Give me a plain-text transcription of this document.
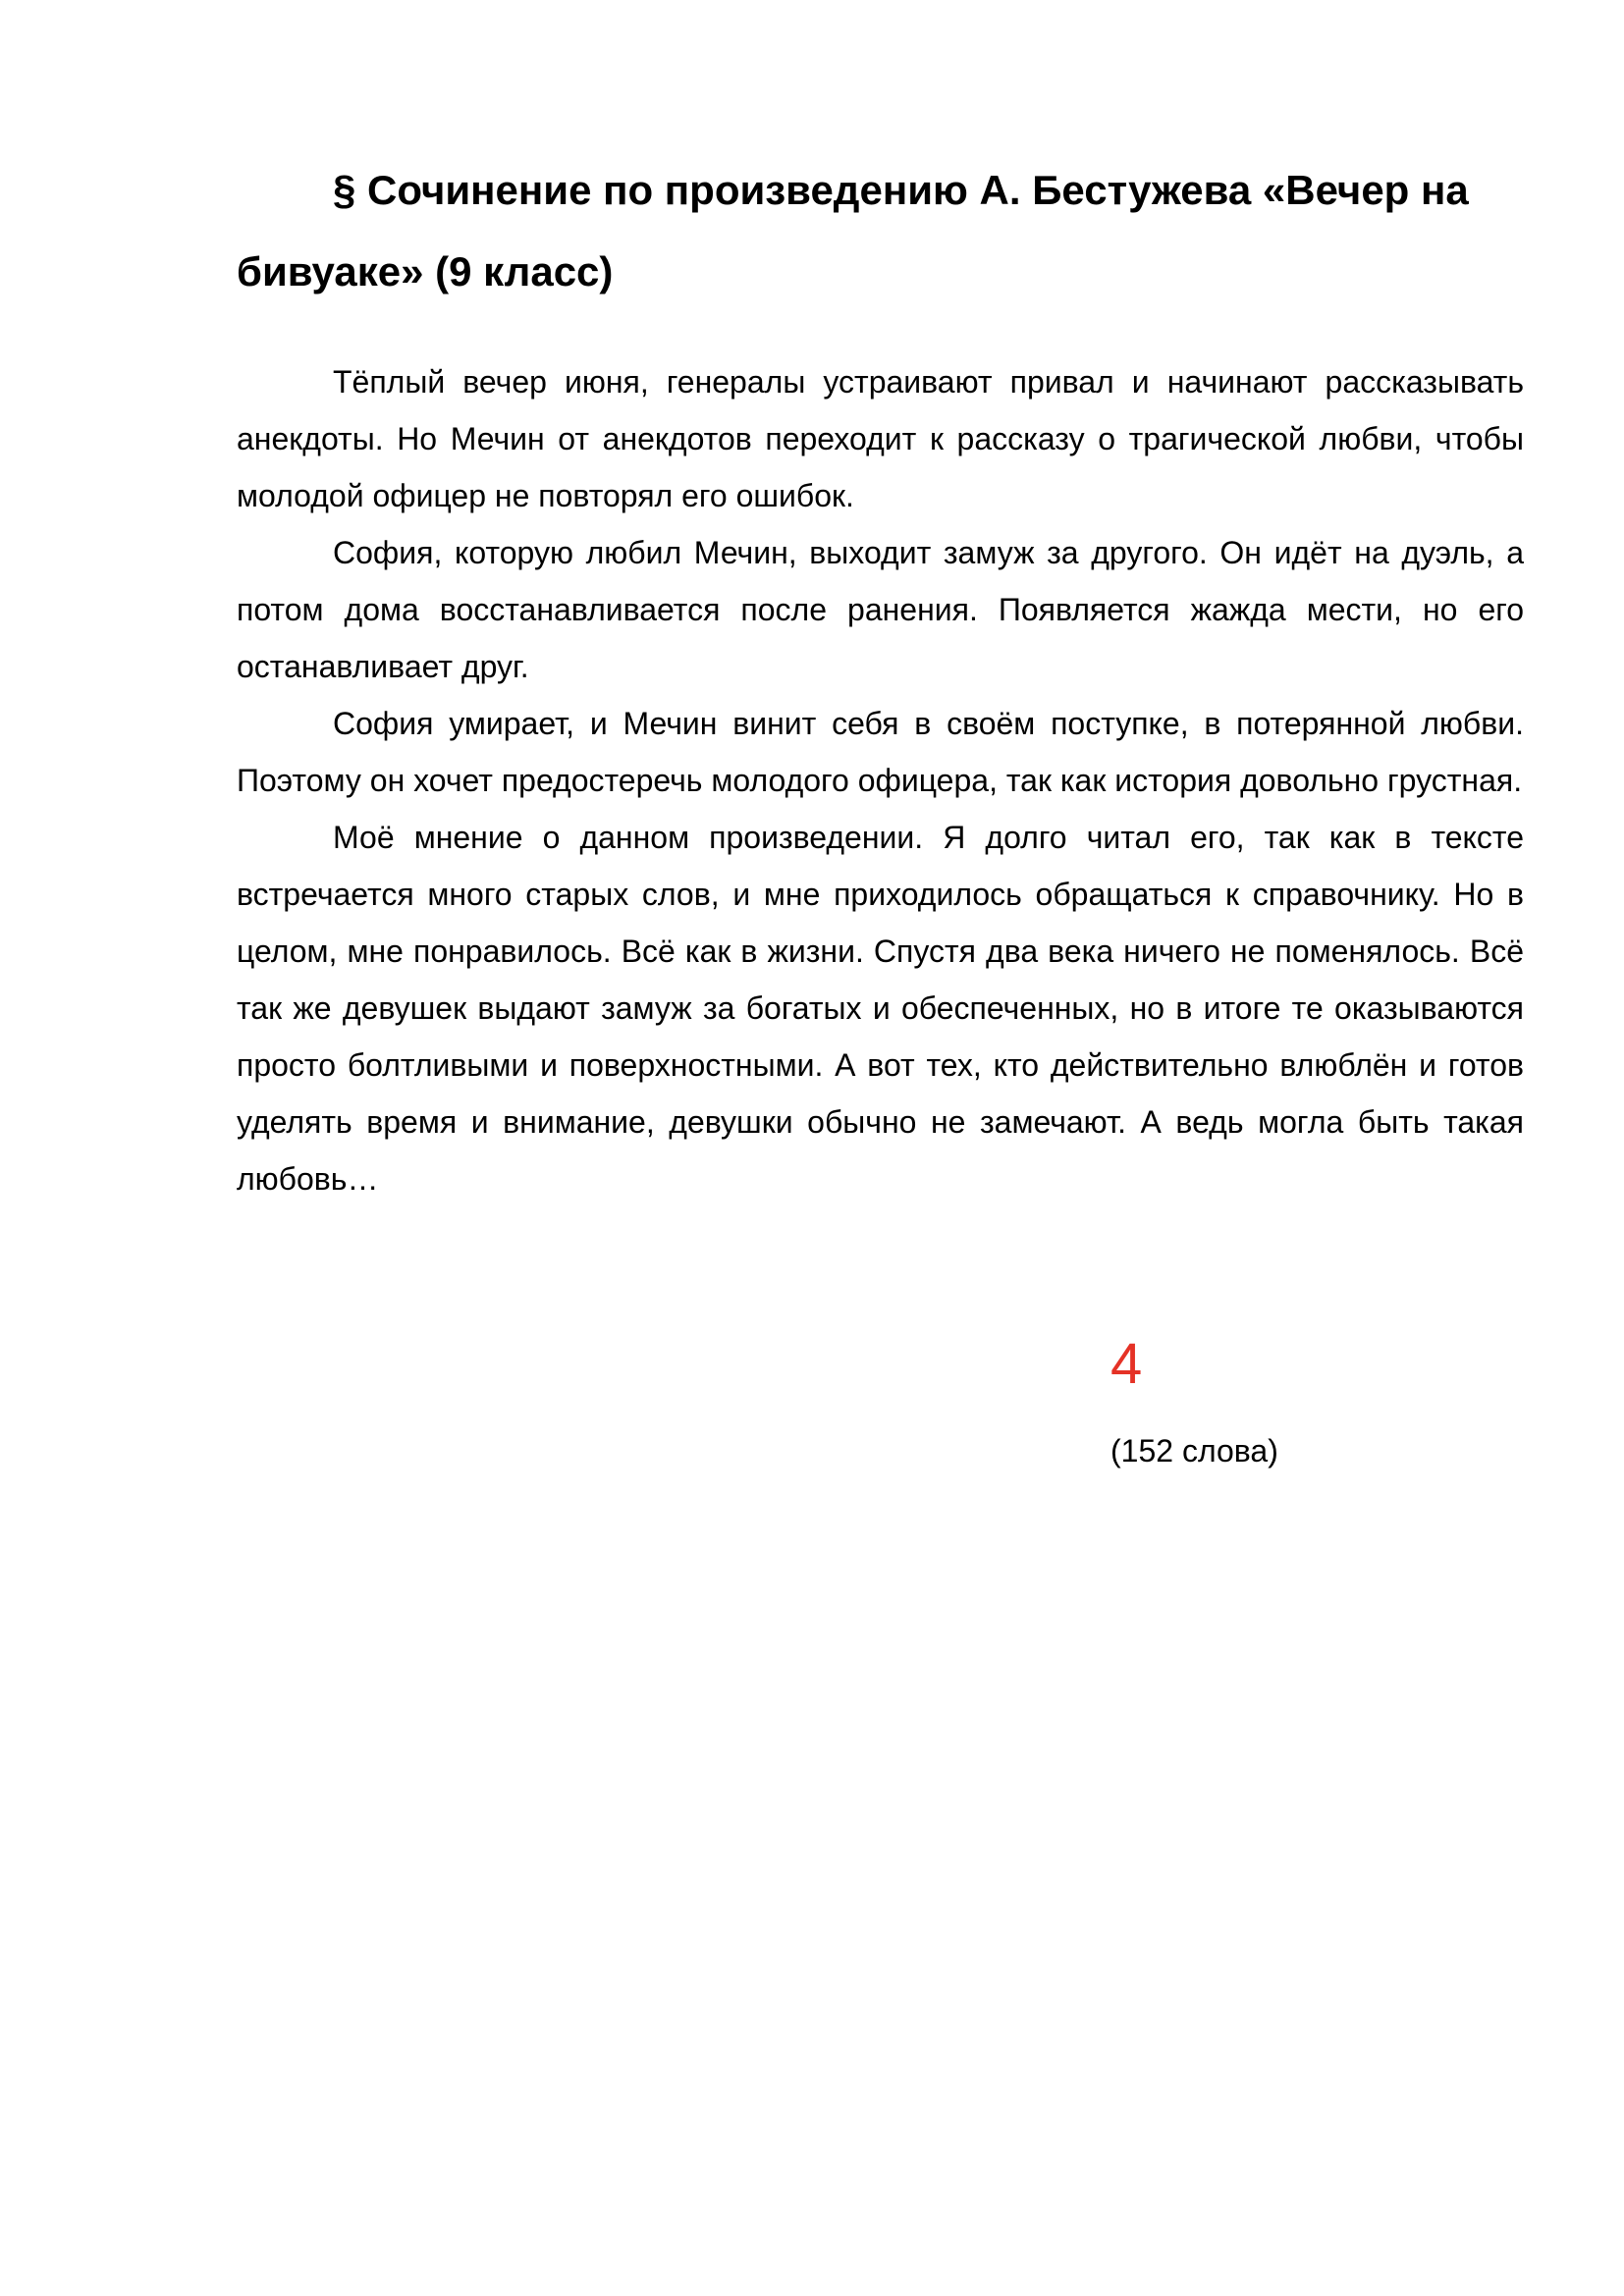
§ Сочинение по произведению А. Бестужева «Вечер на бивуаке» (9 класс)

Тёплый вечер июня, генералы устраивают привал и начинают рассказывать анекдоты. Но Мечин от анекдотов переходит к рассказу о трагической любви, чтобы молодой офицер не повторял его ошибок.

София, которую любил Мечин, выходит замуж за другого. Он идёт на дуэль, а потом дома восстанавливается после ранения. Появляется жажда мести, но его останавливает друг.

София умирает, и Мечин винит себя в своём поступке, в потерянной любви. Поэтому он хочет предостеречь молодого офицера, так как история довольно грустная.

Моё мнение о данном произведении. Я долго читал его, так как в тексте встречается много старых слов, и мне приходилось обращаться к справочнику. Но в целом, мне понравилось. Всё как в жизни. Спустя два века ничего не поменялось. Всё так же девушек выдают замуж за богатых и обеспеченных, но в итоге те оказываются просто болтливыми и поверхностными. А вот тех, кто действительно влюблён и готов уделять время и внимание, девушки обычно не замечают. А ведь могла быть такая любовь…

4
(152 слова)
